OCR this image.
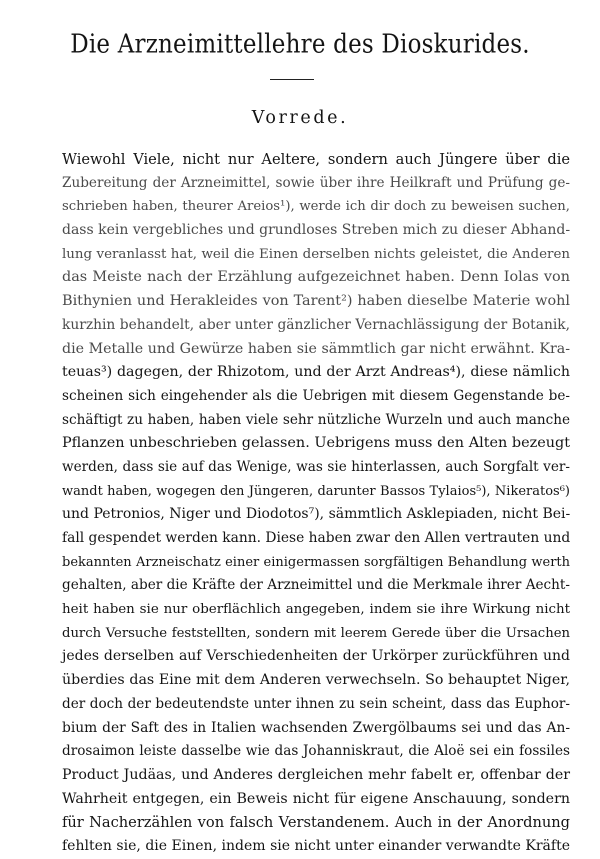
Die Arzneimittellehre des Dioskurides.
Vorrede.
Wiewohl Viele, nicht nur Aeltere, sondern auch Jüngere über die
Zubereitung der Arzneimittel, sowie über ihre Heilkraft und Prüfung ge-
schrieben haben, theurer Areios¹), werde ich dir doch zu beweisen suchen,
dass kein vergebliches und grundloses Streben mich zu dieser Abhand-
lung veranlasst hat, weil die Einen derselben nichts geleistet, die Anderen
das Meiste nach der Erzählung aufgezeichnet haben. Denn Iolas von
Bithynien und Herakleides von Tarent²) haben dieselbe Materie wohl
kurzhin behandelt, aber unter gänzlicher Vernachlässigung der Botanik,
die Metalle und Gewürze haben sie sämmtlich gar nicht erwähnt. Kra-
teuas³) dagegen, der Rhizotom, und der Arzt Andreas⁴), diese nämlich
scheinen sich eingehender als die Uebrigen mit diesem Gegenstande be-
schäftigt zu haben, haben viele sehr nützliche Wurzeln und auch manche
Pflanzen unbeschrieben gelassen. Uebrigens muss den Alten bezeugt
werden, dass sie auf das Wenige, was sie hinterlassen, auch Sorgfalt ver-
wandt haben, wogegen den Jüngeren, darunter Bassos Tylaios⁵), Nikeratos⁶)
und Petronios, Niger und Diodotos⁷), sämmtlich Asklepiaden, nicht Bei-
fall gespendet werden kann. Diese haben zwar den Allen vertrauten und
bekannten Arzneischatz einer einigermassen sorgfältigen Behandlung werth
gehalten, aber die Kräfte der Arzneimittel und die Merkmale ihrer Aecht-
heit haben sie nur oberflächlich angegeben, indem sie ihre Wirkung nicht
durch Versuche feststellten, sondern mit leerem Gerede über die Ursachen
jedes derselben auf Verschiedenheiten der Urkörper zurückführen und
überdies das Eine mit dem Anderen verwechseln. So behauptet Niger,
der doch der bedeutendste unter ihnen zu sein scheint, dass das Euphor-
bium der Saft des in Italien wachsenden Zwergölbaums sei und das An-
drosaimon leiste dasselbe wie das Johanniskraut, die Aloë sei ein fossiles
Product Judäas, und Anderes dergleichen mehr fabelt er, offenbar der
Wahrheit entgegen, ein Beweis nicht für eigene Anschauung, sondern
für Nacherzählen von falsch Verstandenem. Auch in der Anordnung
fehlten sie, die Einen, indem sie nicht unter einander verwandte Kräfte
